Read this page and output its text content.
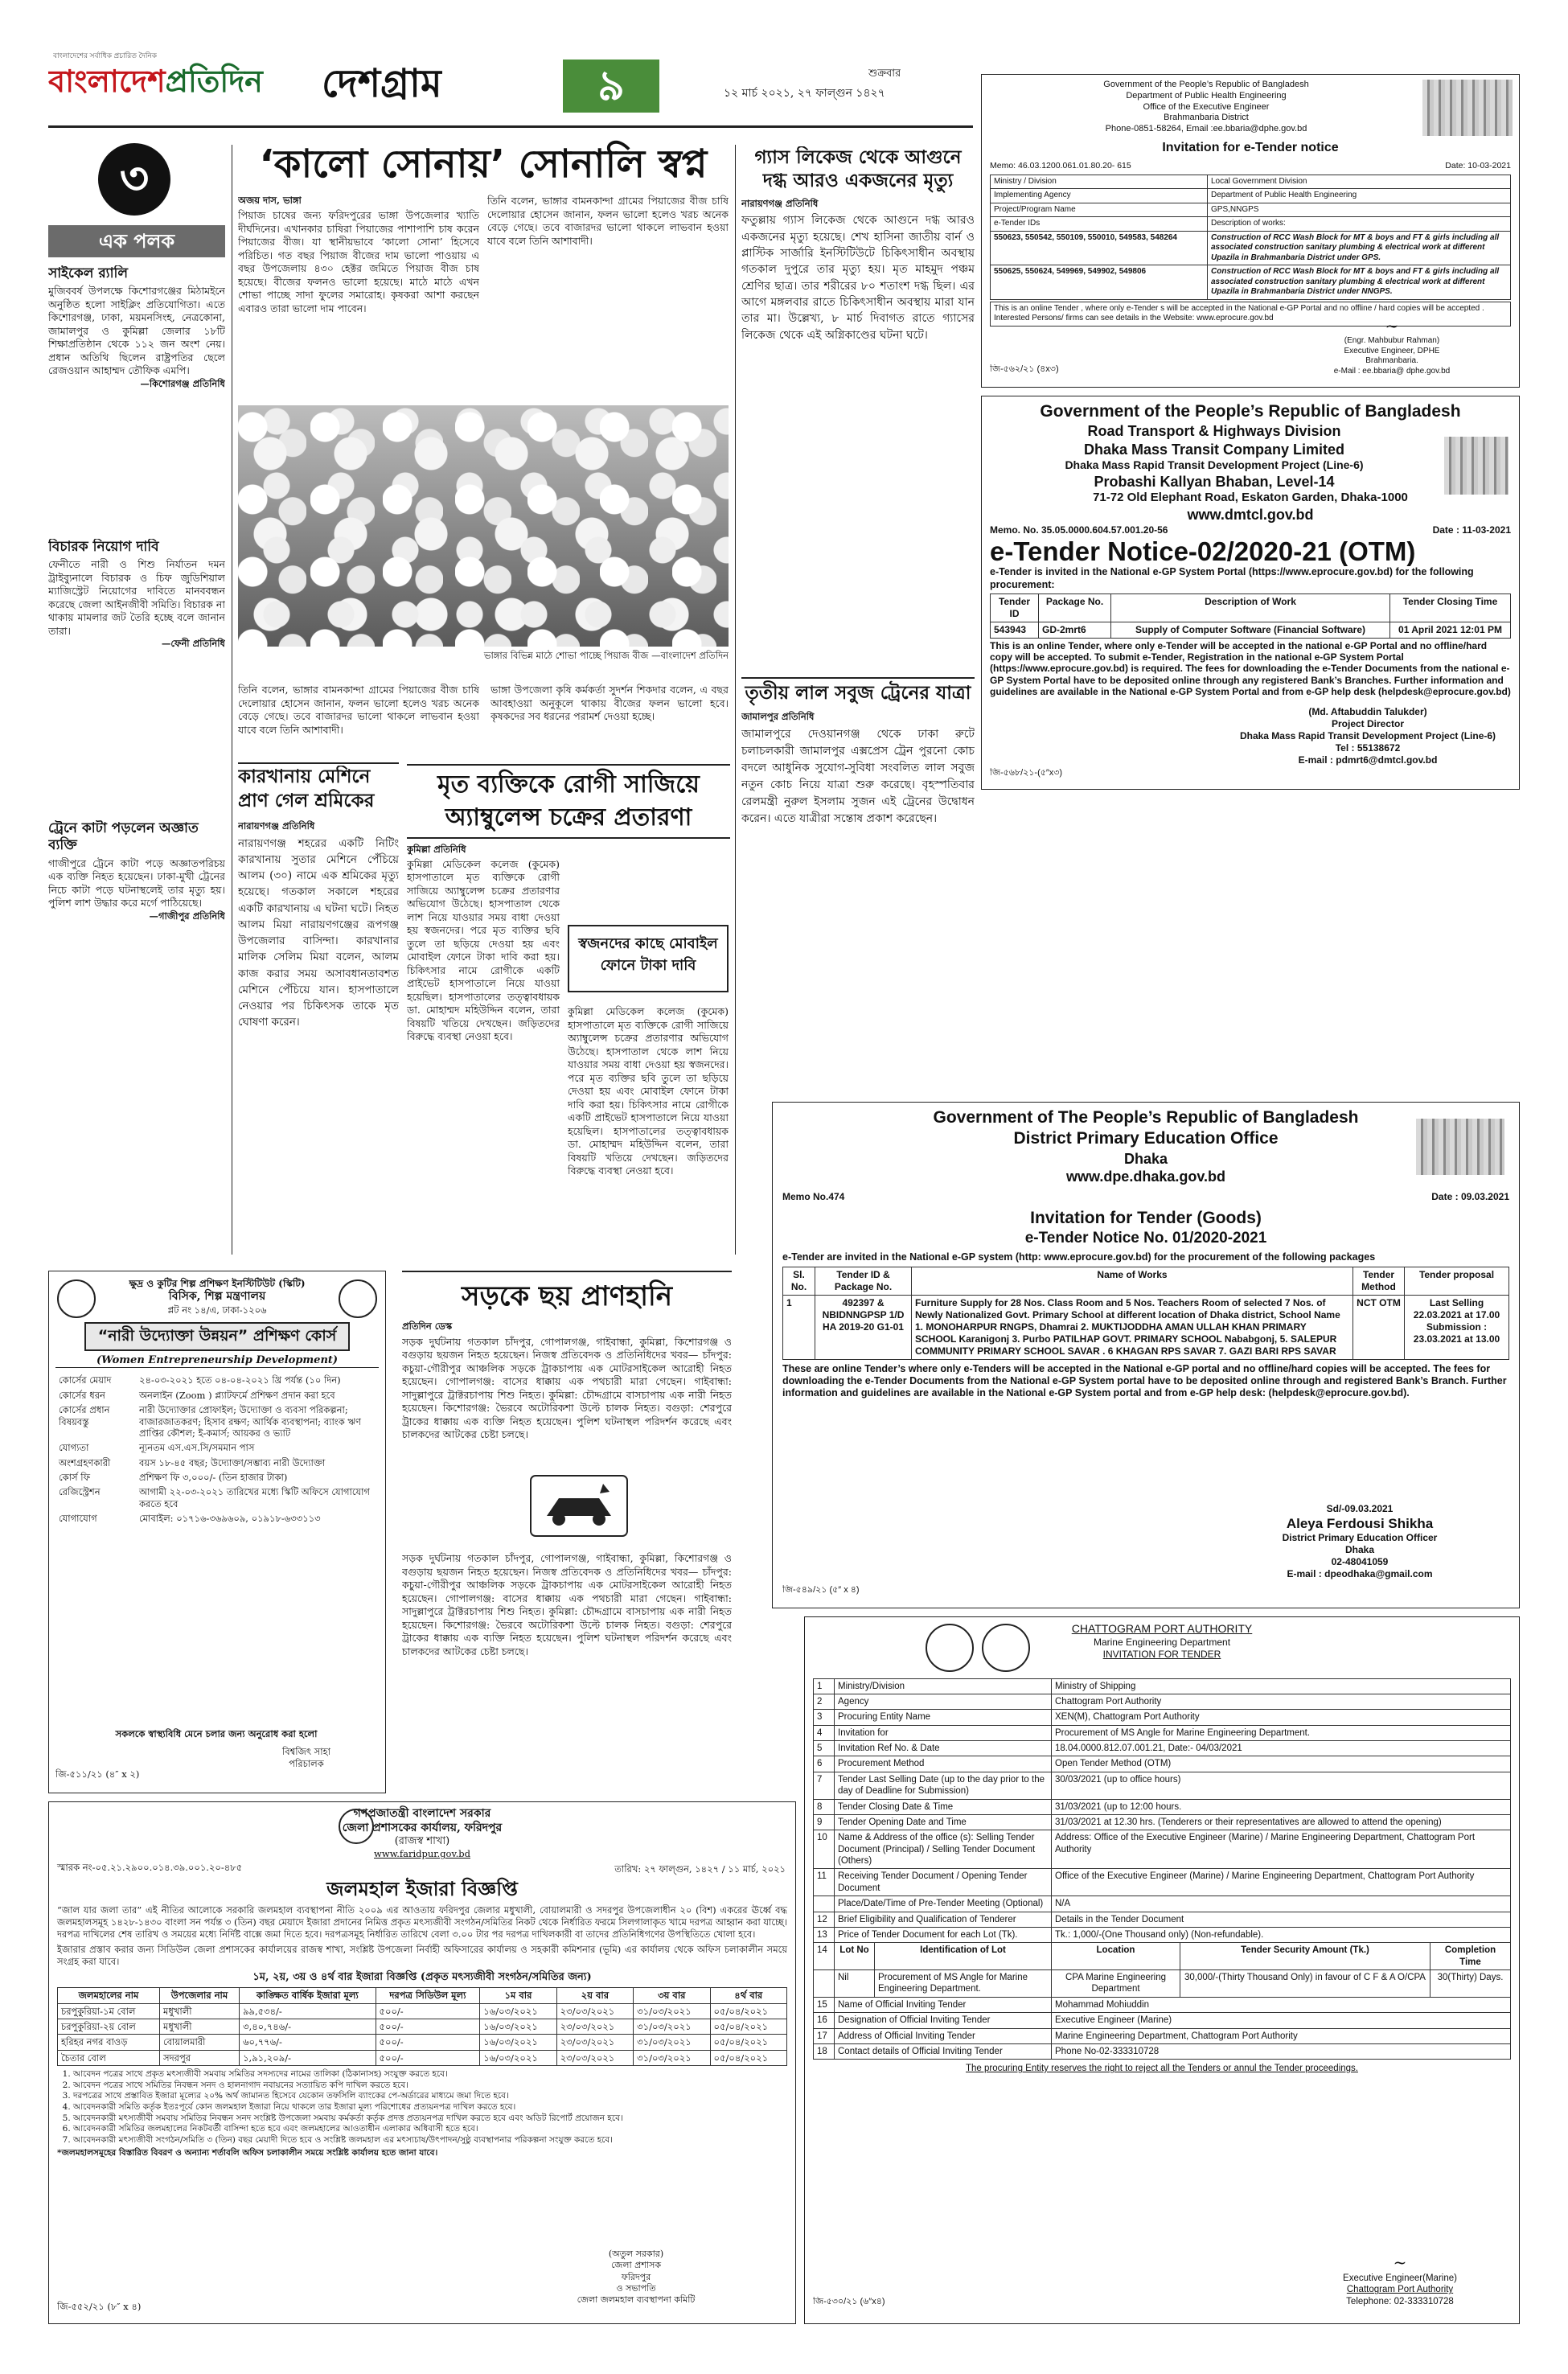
বাংলাদেশের সর্বাধিক প্রচারিত দৈনিক
বাংলাদেশপ্রতিদিন	দেশগ্রাম	৯	শুক্রবার
১২ মার্চ ২০২১, ২৭ ফাল্গুন ১৪২৭
৩
এক পলক
সাইকেল র‌্যালি
মুজিববর্ষ উপলক্ষে কিশোরগঞ্জের মিঠামইনে অনুষ্ঠিত হলো সাইক্লিং প্রতিযোগিতা। এতে কিশোরগঞ্জ, ঢাকা, ময়মনসিংহ, নেত্রকোনা, জামালপুর ও কুমিল্লা জেলার ১৮টি শিক্ষাপ্রতিষ্ঠান থেকে ১১২ জন অংশ নেয়। প্রধান অতিথি ছিলেন রাষ্ট্রপতির ছেলে রেজওয়ান আহাম্মদ তৌফিক এমপি।
—কিশোরগঞ্জ প্রতিনিধি
বিচারক নিয়োগ দাবি
ফেনীতে নারী ও শিশু নির্যাতন দমন ট্রাইব্যুনালে বিচারক ও চিফ জুডিশিয়াল ম্যাজিস্ট্রেট নিয়োগের দাবিতে মানববন্ধন করেছে জেলা আইনজীবী সমিতি। বিচারক না থাকায় মামলার জট তৈরি হচ্ছে বলে জানান তারা।
—ফেনী প্রতিনিধি
ট্রেনে কাটা পড়লেন অজ্ঞাত ব্যক্তি
গাজীপুরে ট্রেনে কাটা পড়ে অজ্ঞাতপরিচয় এক ব্যক্তি নিহত হয়েছেন। ঢাকা-মুখী ট্রেনের নিচে কাটা পড়ে ঘটনাস্থলেই তার মৃত্যু হয়। পুলিশ লাশ উদ্ধার করে মর্গে পাঠিয়েছে।
—গাজীপুর প্রতিনিধি
‘কালো সোনায়’ সোনালি স্বপ্ন
অজয় দাস, ভাঙ্গা
পিয়াজ চাষের জন্য ফরিদপুরের ভাঙ্গা উপজেলার খ্যাতি দীর্ঘদিনের। এখানকার চাষিরা পিয়াজের পাশাপাশি চাষ করেন পিয়াজের বীজ। যা স্থানীয়ভাবে ‘কালো সোনা’ হিসেবে পরিচিত। গত বছর পিয়াজ বীজের দাম ভালো পাওয়ায় এ বছর উপজেলায় ৪৩০ হেক্টর জমিতে পিয়াজ বীজ চাষ হয়েছে। বীজের ফলনও ভালো হয়েছে। মাঠে মাঠে এখন শোভা পাচ্ছে সাদা ফুলের সমারোহ। কৃষকরা আশা করছেন এবারও তারা ভালো দাম পাবেন।
তিনি বলেন, ভাঙ্গার বামনকান্দা গ্রামের পিয়াজের বীজ চাষি দেলোয়ার হোসেন জানান, ফলন ভালো হলেও খরচ অনেক বেড়ে গেছে। তবে বাজারদর ভালো থাকলে লাভবান হওয়া যাবে বলে তিনি আশাবাদী।
ভাঙ্গার বিভিন্ন মাঠে শোভা পাচ্ছে পিয়াজ বীজ —বাংলাদেশ প্রতিদিন
ভাঙ্গা উপজেলা কৃষি কর্মকর্তা সুদর্শন শিকদার বলেন, এ বছর আবহাওয়া অনুকূলে থাকায় বীজের ফলন ভালো হবে। কৃষকদের সব ধরনের পরামর্শ দেওয়া হচ্ছে।
তিনি বলেন, ভাঙ্গার বামনকান্দা গ্রামের পিয়াজের বীজ চাষি দেলোয়ার হোসেন জানান, ফলন ভালো হলেও খরচ অনেক বেড়ে গেছে। তবে বাজারদর ভালো থাকলে লাভবান হওয়া যাবে বলে তিনি আশাবাদী।
গ্যাস লিকেজ থেকে আগুনে দগ্ধ আরও একজনের মৃত্যু
নারায়ণগঞ্জ প্রতিনিধি
ফতুল্লায় গ্যাস লিকেজ থেকে আগুনে দগ্ধ আরও একজনের মৃত্যু হয়েছে। শেখ হাসিনা জাতীয় বার্ন ও প্লাস্টিক সার্জারি ইনস্টিটিউটে চিকিৎসাধীন অবস্থায় গতকাল দুপুরে তার মৃত্যু হয়। মৃত মাহমুদ পঞ্চম শ্রেণির ছাত্র। তার শরীরের ৮০ শতাংশ দগ্ধ ছিল। এর আগে মঙ্গলবার রাতে চিকিৎসাধীন অবস্থায় মারা যান তার মা। উল্লেখ্য, ৮ মার্চ দিবাগত রাতে গ্যাসের লিকেজ থেকে এই অগ্নিকাণ্ডের ঘটনা ঘটে।
কারখানায় মেশিনে প্রাণ গেল শ্রমিকের
নারায়ণগঞ্জ প্রতিনিধি
নারায়ণগঞ্জ শহরের একটি নিটিং কারখানায় সুতার মেশিনে পেঁচিয়ে আলম (৩০) নামে এক শ্রমিকের মৃত্যু হয়েছে। গতকাল সকালে শহরের একটি কারখানায় এ ঘটনা ঘটে। নিহত আলম মিয়া নারায়ণগঞ্জের রূপগঞ্জ উপজেলার বাসিন্দা। কারখানার মালিক সেলিম মিয়া বলেন, আলম কাজ করার সময় অসাবধানতাবশত মেশিনে পেঁচিয়ে যান। হাসপাতালে নেওয়ার পর চিকিৎসক তাকে মৃত ঘোষণা করেন।
মৃত ব্যক্তিকে রোগী সাজিয়ে অ্যাম্বুলেন্স চক্রের প্রতারণা
কুমিল্লা প্রতিনিধি
কুমিল্লা মেডিকেল কলেজ (কুমেক) হাসপাতালে মৃত ব্যক্তিকে রোগী সাজিয়ে অ্যাম্বুলেন্স চক্রের প্রতারণার অভিযোগ উঠেছে। হাসপাতাল থেকে লাশ নিয়ে যাওয়ার সময় বাধা দেওয়া হয় স্বজনদের। পরে মৃত ব্যক্তির ছবি তুলে তা ছড়িয়ে দেওয়া হয় এবং মোবাইল ফোনে টাকা দাবি করা হয়। চিকিৎসার নামে রোগীকে একটি প্রাইভেট হাসপাতালে নিয়ে যাওয়া হয়েছিল। হাসপাতালের তত্ত্বাবধায়ক ডা. মোহাম্মদ মহিউদ্দিন বলেন, তারা বিষয়টি খতিয়ে দেখছেন। জড়িতদের বিরুদ্ধে ব্যবস্থা নেওয়া হবে।
স্বজনদের কাছে মোবাইল ফোনে টাকা দাবি
কুমিল্লা মেডিকেল কলেজ (কুমেক) হাসপাতালে মৃত ব্যক্তিকে রোগী সাজিয়ে অ্যাম্বুলেন্স চক্রের প্রতারণার অভিযোগ উঠেছে। হাসপাতাল থেকে লাশ নিয়ে যাওয়ার সময় বাধা দেওয়া হয় স্বজনদের। পরে মৃত ব্যক্তির ছবি তুলে তা ছড়িয়ে দেওয়া হয় এবং মোবাইল ফোনে টাকা দাবি করা হয়। চিকিৎসার নামে রোগীকে একটি প্রাইভেট হাসপাতালে নিয়ে যাওয়া হয়েছিল। হাসপাতালের তত্ত্বাবধায়ক ডা. মোহাম্মদ মহিউদ্দিন বলেন, তারা বিষয়টি খতিয়ে দেখছেন। জড়িতদের বিরুদ্ধে ব্যবস্থা নেওয়া হবে।
তৃতীয় লাল সবুজ ট্রেনের যাত্রা
জামালপুর প্রতিনিধি
জামালপুরে দেওয়ানগঞ্জ থেকে ঢাকা রুটে চলাচলকারী জামালপুর এক্সপ্রেস ট্রেন পুরনো কোচ বদলে আধুনিক সুযোগ-সুবিধা সংবলিত লাল সবুজ নতুন কোচ নিয়ে যাত্রা শুরু করেছে। বৃহস্পতিবার রেলমন্ত্রী নুরুল ইসলাম সুজন এই ট্রেনের উদ্বোধন করেন। এতে যাত্রীরা সন্তোষ প্রকাশ করেছেন।
ক্ষুদ্র ও কুটির শিল্প প্রশিক্ষণ ইনস্টিটিউট (স্কিটি)
বিসিক, শিল্প মন্ত্রণালয়
প্লট নং ১৪/এ, ঢাকা-১২০৬
“নারী উদ্যোক্তা উন্নয়ন” প্রশিক্ষণ কোর্স
(Women Entrepreneurship Development)
কোর্সের মেয়াদ	২৪-০৩-২০২১ হতে ০৪-০৪-২০২১ খ্রি পর্যন্ত (১০ দিন)
কোর্সের ধরন	অনলাইন (Zoom ) প্ল্যাটফর্মে প্রশিক্ষণ প্রদান করা হবে
কোর্সের প্রধান বিষয়বস্তু	নারী উদ্যোক্তার প্রোফাইল; উদ্যোক্তা ও ব্যবসা পরিকল্পনা; বাজারজাতকরণ; হিসাব রক্ষণ; আর্থিক ব্যবস্থাপনা; ব্যাংক ঋণ প্রাপ্তির কৌশল; ই-কমার্স; আয়কর ও ভ্যাট
যোগ্যতা	ন্যূনতম এস.এস.সি/সমমান পাস
অংশগ্রহণকারী	বয়স ১৮-৪৫ বছর; উদ্যোক্তা/সম্ভাব্য নারী উদ্যোক্তা
কোর্স ফি	প্রশিক্ষণ ফি ৩,০০০/- (তিন হাজার টাকা)
রেজিস্ট্রেশন	আগামী ২২-০৩-২০২১ তারিখের মধ্যে স্কিটি অফিসে যোগাযোগ করতে হবে
যোগাযোগ	মোবাইল: ০১৭১৬-৩৬৯৬০৯, ০১৯১৮-৬৩৩১১৩
সকলকে স্বাস্থ্যবিধি মেনে চলার জন্য অনুরোধ করা হলো
বিশ্বজিৎ সাহা
পরিচালক
জি-৫১১/২১ (৪″ x ২)
সড়কে ছয় প্রাণহানি
প্রতিদিন ডেস্ক
সড়ক দুর্ঘটনায় গতকাল চাঁদপুর, গোপালগঞ্জ, গাইবান্ধা, কুমিল্লা, কিশোরগঞ্জ ও বগুড়ায় ছয়জন নিহত হয়েছেন। নিজস্ব প্রতিবেদক ও প্রতিনিধিদের খবর— চাঁদপুর: কচুয়া-গৌরীপুর আঞ্চলিক সড়কে ট্রাকচাপায় এক মোটরসাইকেল আরোহী নিহত হয়েছেন। গোপালগঞ্জ: বাসের ধাক্কায় এক পথচারী মারা গেছেন। গাইবান্ধা: সাদুল্লাপুরে ট্রাক্টরচাপায় শিশু নিহত। কুমিল্লা: চৌদ্দগ্রামে বাসচাপায় এক নারী নিহত হয়েছেন। কিশোরগঞ্জ: ভৈরবে অটোরিকশা উল্টে চালক নিহত। বগুড়া: শেরপুরে ট্রাকের ধাক্কায় এক ব্যক্তি নিহত হয়েছেন। পুলিশ ঘটনাস্থল পরিদর্শন করেছে এবং চালকদের আটকের চেষ্টা চলছে।
সড়ক দুর্ঘটনায় গতকাল চাঁদপুর, গোপালগঞ্জ, গাইবান্ধা, কুমিল্লা, কিশোরগঞ্জ ও বগুড়ায় ছয়জন নিহত হয়েছেন। নিজস্ব প্রতিবেদক ও প্রতিনিধিদের খবর— চাঁদপুর: কচুয়া-গৌরীপুর আঞ্চলিক সড়কে ট্রাকচাপায় এক মোটরসাইকেল আরোহী নিহত হয়েছেন। গোপালগঞ্জ: বাসের ধাক্কায় এক পথচারী মারা গেছেন। গাইবান্ধা: সাদুল্লাপুরে ট্রাক্টরচাপায় শিশু নিহত। কুমিল্লা: চৌদ্দগ্রামে বাসচাপায় এক নারী নিহত হয়েছেন। কিশোরগঞ্জ: ভৈরবে অটোরিকশা উল্টে চালক নিহত। বগুড়া: শেরপুরে ট্রাকের ধাক্কায় এক ব্যক্তি নিহত হয়েছেন। পুলিশ ঘটনাস্থল পরিদর্শন করেছে এবং চালকদের আটকের চেষ্টা চলছে।
গণপ্রজাতন্ত্রী বাংলাদেশ সরকার
জেলা প্রশাসকের কার্যালয়, ফরিদপুর
(রাজস্ব শাখা)
www.faridpur.gov.bd
স্মারক নং-০৫.২১.২৯০০.০১৪.৩৯.০০১.২০-৪৮৫	তারিখ: ২৭ ফাল্গুন, ১৪২৭ / ১১ মার্চ, ২০২১
জলমহাল ইজারা বিজ্ঞপ্তি
“জাল যার জলা তার” এই নীতির আলোকে সরকারি জলমহাল ব্যবস্থাপনা নীতি ২০০৯ এর আওতায় ফরিদপুর জেলার মধুখালী, বোয়ালমারী ও সদরপুর উপজেলাধীন ২০ (বিশ) একরের ঊর্ধ্বে বদ্ধ জলমহালসমূহ ১৪২৮-১৪৩০ বাংলা সন পর্যন্ত ৩ (তিন) বছর মেয়াদে ইজারা প্রদানের নিমিত্ত প্রকৃত মৎস্যজীবী সংগঠন/সমিতির নিকট থেকে নির্ধারিত ফরমে সিলগালাকৃত খামে দরপত্র আহ্বান করা যাচ্ছে। দরপত্র দাখিলের শেষ তারিখ ও সময়ের মধ্যে নির্দিষ্ট বাক্সে জমা দিতে হবে। দরপত্রসমূহ নির্ধারিত তারিখে বেলা ৩.০০ টার পর দরপত্র দাখিলকারী বা তাদের প্রতিনিধিগণের উপস্থিতিতে খোলা হবে।
ইজারার প্রস্তাব করার জন্য সিডিউল জেলা প্রশাসকের কার্যালয়ের রাজস্ব শাখা, সংশ্লিষ্ট উপজেলা নির্বাহী অফিসারের কার্যালয় ও সহকারী কমিশনার (ভূমি) এর কার্যালয় থেকে অফিস চলাকালীন সময়ে সংগ্রহ করা যাবে।
১ম, ২য়, ৩য় ও ৪র্থ বার ইজারা বিজ্ঞপ্তি (প্রকৃত মৎস্যজীবী সংগঠন/সমিতির জন্য)
জলমহালের নাম	উপজেলার নাম	কাঙ্ক্ষিত বার্ষিক ইজারা মূল্য	দরপত্র সিডিউল মূল্য	১ম বার	২য় বার	৩য় বার	৪র্থ বার
চরপুকুরিয়া-১ম বোল	মধুখালী	৯৯,৫৩৪/-	৫০০/-	১৬/০৩/২০২১	২৩/০৩/২০২১	৩১/০৩/২০২১	০৫/০৪/২০২১
চরপুকুরিয়া-২য় বোল	মধুখালী	৩,৪০,৭৪৬/-	৫০০/-	১৬/০৩/২০২১	২৩/০৩/২০২১	৩১/০৩/২০২১	০৫/০৪/২০২১
হরিহর নগর বাওড়	বোয়ালমারী	৬০,৭৭৬/-	৫০০/-	১৬/০৩/২০২১	২৩/০৩/২০২১	৩১/০৩/২০২১	০৫/০৪/২০২১
চৈতার বোল	সদরপুর	১,৯১,২০৯/-	৫০০/-	১৬/০৩/২০২১	২৩/০৩/২০২১	৩১/০৩/২০২১	০৫/০৪/২০২১
1. আবেদন পত্রের সাথে প্রকৃত মৎস্যজীবী সমবায় সমিতির সদস্যদের নামের তালিকা (ঠিকানাসহ) সংযুক্ত করতে হবে।
2. আবেদন পত্রের সাথে সমিতির নিবন্ধন সনদ ও হালনাগাদ নবায়নের সত্যায়িত কপি দাখিল করতে হবে।
3. দরপত্রের সাথে প্রস্তাবিত ইজারা মূল্যের ২০% অর্থ জামানত হিসেবে যেকোন তফসিলি ব্যাংকের পে-অর্ডারের মাধ্যমে জমা দিতে হবে।
4. আবেদনকারী সমিতি কর্তৃক ইতঃপূর্বে কোন জলমহাল ইজারা নিয়ে থাকলে তার ইজারা মূল্য পরিশোধের প্রত্যয়নপত্র দাখিল করতে হবে।
5. আবেদনকারী মৎস্যজীবী সমবায় সমিতির নিবন্ধন সনদ সংশ্লিষ্ট উপজেলা সমবায় কর্মকর্তা কর্তৃক প্রদত্ত প্রত্যয়নপত্র দাখিল করতে হবে এবং অডিট রিপোর্ট প্রয়োজন হবে।
6. আবেদনকারী সমিতির জলমহালের নিকটবর্তী বাসিন্দা হতে হবে এবং জলমহালের আওতাধীন এলাকার অধিবাসী হতে হবে।
7. আবেদনকারী মৎস্যজীবী সংগঠন/সমিতি ৩ (তিন) বছর মেয়াদী দিতে হবে ও সংশ্লিষ্ট জলমহাল এর মৎস্যচাষ/উৎপাদন/সুষ্ঠু ব্যবস্থাপনার পরিকল্পনা সংযুক্ত করতে হবে।
*জলমহালসমূহের বিস্তারিত বিবরণ ও অন্যান্য শর্তাবলি অফিস চলাকালীন সময়ে সংশ্লিষ্ট কার্যালয় হতে জানা যাবে।
(অতুল সরকার)
জেলা প্রশাসক
ফরিদপুর
ও সভাপতি
জেলা জলমহাল ব্যবস্থাপনা কমিটি
জি-৫৫২/২১ (৮″ x ৪)
Government of the People’s Republic of Bangladesh
Department of Public Health Engineering
Office of the Executive Engineer
Brahmanbaria District
Phone-0851-58264, Email :ee.bbaria@dphe.gov.bd
Invitation for e-Tender notice
Memo: 46.03.1200.061.01.80.20- 615	Date: 10-03-2021
Ministry / Division	Local Government Division
Implementing Agency	Department of Public Health Engineering
Project/Program Name	GPS,NNGPS
e-Tender IDs	Description of works:
550623, 550542, 550109, 550010, 549583, 548264	Construction of RCC Wash Block for MT & boys and FT & girls including all associated construction sanitary plumbing & electrical work at different Upazila in Brahmanbaria District under GPS.
550625, 550624, 549969, 549902, 549806	Construction of RCC Wash Block for MT & boys and FT & girls including all associated construction sanitary plumbing & electrical work at different Upazila in Brahmanbaria District under NNGPS.
This is an online Tender , where only e-Tender s will be accepted in the National e-GP Portal and no offline / hard copies will be accepted . Interested Persons/ firms can see details in the Website: www.eprocure.gov.bd	~
(Engr. Mahbubur Rahman)
Executive Engineer, DPHE
Brahmanbaria.
e-Mail : ee.bbaria@ dphe.gov.bd
জি-৫৬২/২১ (৪x৩)
Government of the People’s Republic of Bangladesh
Road Transport & Highways Division
Dhaka Mass Transit Company Limited
Dhaka Mass Rapid Transit Development Project (Line-6)
Probashi Kallyan Bhaban, Level-14
71-72 Old Elephant Road, Eskaton Garden, Dhaka-1000
www.dmtcl.gov.bd
Memo. No. 35.05.0000.604.57.001.20-56	Date : 11-03-2021
e-Tender Notice-02/2020-21 (OTM)
e-Tender is invited in the National e-GP System Portal (https://www.eprocure.gov.bd) for the following procurement:
Tender ID	Package No.	Description of Work	Tender Closing Time
543943	GD-2mrt6	Supply of Computer Software (Financial Software)	01 April 2021 12:01 PM
This is an online Tender, where only e-Tender will be accepted in the national e-GP Portal and no offline/hard copy will be accepted. To submit e-Tender, Registration in the national e-GP System Portal (https://www.eprocure.gov.bd) is required. The fees for downloading the e-Tender Documents from the national e-GP System Portal have to be deposited online through any registered Bank’s Branches. Further information and guidelines are available in the National e-GP System Portal and from e-GP help desk (helpdesk@eprocure.gov.bd)
(Md. Aftabuddin Talukder)
Project Director
Dhaka Mass Rapid Transit Development Project (Line-6)
Tel : 55138672
E-mail : pdmrt6@dmtcl.gov.bd
জি-৫৬৮/২১-(৫″x৩)
Government of The People’s Republic of Bangladesh
District Primary Education Office
Dhaka
www.dpe.dhaka.gov.bd
Memo No.474	Date : 09.03.2021
Invitation for Tender (Goods)
e-Tender Notice No. 01/2020-2021
e-Tender are invited in the National e-GP system (http: www.eprocure.gov.bd) for the procurement of the following packages
Sl. No.	Tender ID & Package No.	Name of Works	Tender Method	Tender proposal
1	492397 & NBIDNNGPSP 1/D HA 2019-20 G1-01	Furniture Supply for 28 Nos. Class Room and 5 Nos. Teachers Room of selected 7 Nos. of Newly Nationalized Govt. Primary School at different location of Dhaka district, School Name 1. MONOHARPUR RNGPS, Dhamrai 2. MUKTIJODDHA AMAN ULLAH KHAN PRIMARY SCHOOL Karanigonj 3. Purbo PATILHAP GOVT. PRIMARY SCHOOL Nababgonj, 5. SALEPUR COMMUNITY PRIMARY SCHOOL SAVAR . 6 KHAGAN RPS SAVAR 7. GAZI BARI RPS SAVAR	NCT OTM	Last Selling 22.03.2021 at 17.00 Submission : 23.03.2021 at 13.00
These are online Tender’s where only e-Tenders will be accepted in the National e-GP portal and no offline/hard copies will be accepted. The fees for downloading the e-Tender Documents from the National e-GP System portal have to be deposited online through and registered Bank’s Branch. Further information and guidelines are available in the National e-GP System portal and from e-GP help desk: (helpdesk@eprocure.gov.bd).
Sd/-09.03.2021
Aleya Ferdousi Shikha
District Primary Education Officer
Dhaka
02-48041059
E-mail : dpeodhaka@gmail.com
জি-৫৪৯/২১ (৫″ x ৪)
CHATTOGRAM PORT AUTHORITY
Marine Engineering Department
INVITATION FOR TENDER
1	Ministry/Division	Ministry of Shipping
2	Agency	Chattogram Port Authority
3	Procuring Entity Name	XEN(M), Chattogram Port Authority
4	Invitation for	Procurement of MS Angle for Marine Engineering Department.
5	Invitation Ref No. & Date	18.04.0000.812.07.001.21, Date:- 04/03/2021
6	Procurement Method	Open Tender Method (OTM)
7	Tender Last Selling Date (up to the day prior to the day of Deadline for Submission)	30/03/2021 (up to office hours)
8	Tender Closing Date & Time	31/03/2021 (up to 12:00 hours.
9	Tender Opening Date and Time	31/03/2021 at 12.30 hrs. (Tenderers or their representatives are allowed to attend the opening)
10	Name & Address of the office (s): Selling Tender Document (Principal) / Selling Tender Document (Others)	Address: Office of the Executive Engineer (Marine) / Marine Engineering Department, Chattogram Port Authority
11	Receiving Tender Document / Opening Tender Document	Office of the Executive Engineer (Marine) / Marine Engineering Department, Chattogram Port Authority
	Place/Date/Time of Pre-Tender Meeting (Optional)	N/A
12	Brief Eligibility and Qualification of Tenderer	Details in the Tender Document
13	Price of Tender Document for each Lot (Tk).	Tk.: 1,000/-(One Thousand only) (Non-refundable).
14	Lot No	Identification of Lot	Location	Tender Security Amount (Tk.)	Completion Time
	Nil	Procurement of MS Angle for Marine Engineering Department.	CPA Marine Engineering Department	30,000/-(Thirty Thousand Only) in favour of C F & A O/CPA	30(Thirty) Days.
15	Name of Official Inviting Tender	Mohammad Mohiuddin
16	Designation of Official Inviting Tender	Executive Engineer (Marine)
17	Address of Official Inviting Tender	Marine Engineering Department, Chattogram Port Authority
18	Contact details of Official Inviting Tender	Phone No-02-333310728
The procuring Entity reserves the right to reject all the Tenders or annul the Tender proceedings.
~
Executive Engineer(Marine)
Chattogram Port Authority
Telephone: 02-333310728
জি-৫৩০/২১ (৬″x৪)
